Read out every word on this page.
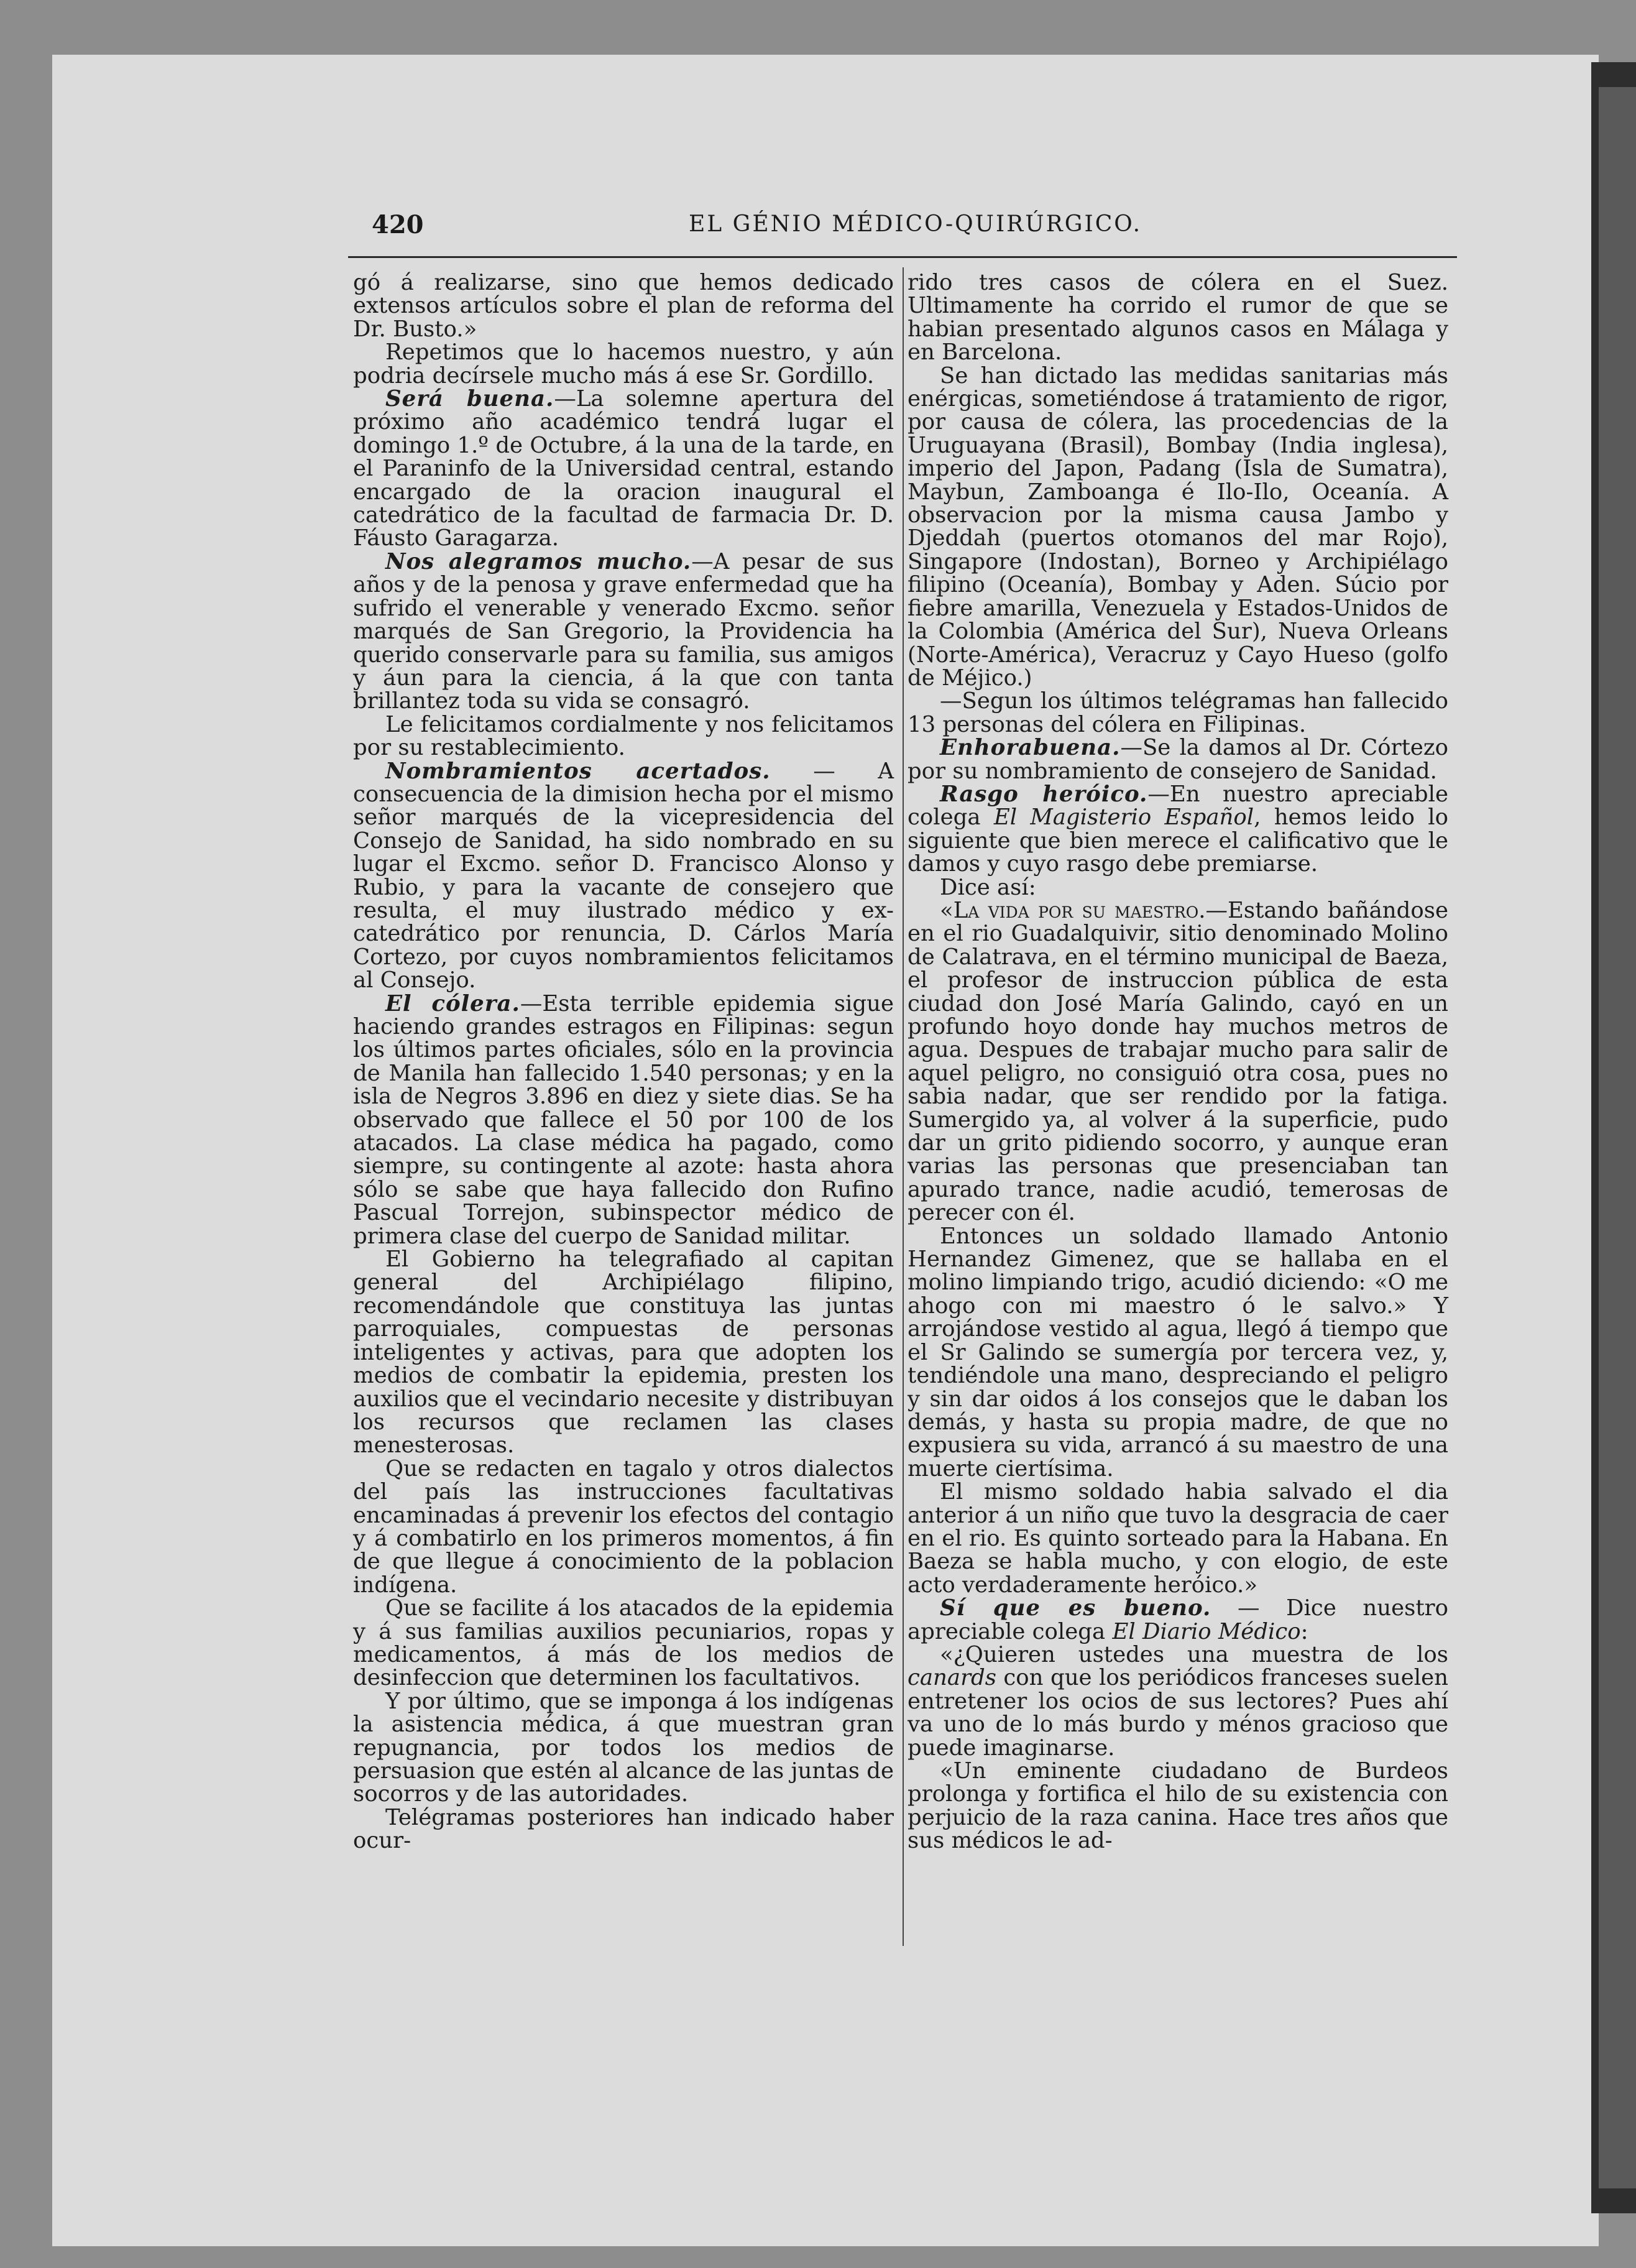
420	EL GÉNIO MÉDICO-QUIRÚRGICO.

gó á realizarse, sino que hemos dedicado extensos artículos sobre el plan de reforma del Dr. Busto.»

Repetimos que lo hacemos nuestro, y aún podria decírsele mucho más á ese Sr. Gordillo.

Será buena.—La solemne apertura del próximo año académico tendrá lugar el domingo 1.º de Octubre, á la una de la tarde, en el Paraninfo de la Universidad central, estando encargado de la oracion inaugural el catedrático de la facultad de farmacia Dr. D. Fáusto Garagarza.

Nos alegramos mucho.—A pesar de sus años y de la penosa y grave enfermedad que ha sufrido el venerable y venerado Excmo. señor marqués de San Gregorio, la Providencia ha querido conservarle para su familia, sus amigos y áun para la ciencia, á la que con tanta brillantez toda su vida se consagró.

Le felicitamos cordialmente y nos felicitamos por su restablecimiento.

Nombramientos acertados. — A consecuencia de la dimision hecha por el mismo señor marqués de la vicepresidencia del Consejo de Sanidad, ha sido nombrado en su lugar el Excmo. señor D. Francisco Alonso y Rubio, y para la vacante de consejero que resulta, el muy ilustrado médico y ex-catedrático por renuncia, D. Cárlos María Cortezo, por cuyos nombramientos felicitamos al Consejo.

El cólera.—Esta terrible epidemia sigue haciendo grandes estragos en Filipinas: segun los últimos partes oficiales, sólo en la provincia de Manila han fallecido 1.540 personas; y en la isla de Negros 3.896 en diez y siete dias. Se ha observado que fallece el 50 por 100 de los atacados. La clase médica ha pagado, como siempre, su contingente al azote: hasta ahora sólo se sabe que haya fallecido don Rufino Pascual Torrejon, subinspector médico de primera clase del cuerpo de Sanidad militar.

El Gobierno ha telegrafiado al capitan general del Archipiélago filipino, recomendándole que constituya las juntas parroquiales, compuestas de personas inteligentes y activas, para que adopten los medios de combatir la epidemia, presten los auxilios que el vecindario necesite y distribuyan los recursos que reclamen las clases menesterosas.

Que se redacten en tagalo y otros dialectos del país las instrucciones facultativas encaminadas á prevenir los efectos del contagio y á combatirlo en los primeros momentos, á fin de que llegue á conocimiento de la poblacion indígena.

Que se facilite á los atacados de la epidemia y á sus familias auxilios pecuniarios, ropas y medicamentos, á más de los medios de desinfeccion que determinen los facultativos.

Y por último, que se imponga á los indígenas la asistencia médica, á que muestran gran repugnancia, por todos los medios de persuasion que estén al alcance de las juntas de socorros y de las autoridades.

Telégramas posteriores han indicado haber ocur-

rido tres casos de cólera en el Suez. Ultimamente ha corrido el rumor de que se habian presentado algunos casos en Málaga y en Barcelona.

Se han dictado las medidas sanitarias más enérgicas, sometiéndose á tratamiento de rigor, por causa de cólera, las procedencias de la Uruguayana (Brasil), Bombay (India inglesa), imperio del Japon, Padang (Isla de Sumatra), Maybun, Zamboanga é Ilo-Ilo, Oceanía. A observacion por la misma causa Jambo y Djeddah (puertos otomanos del mar Rojo), Singapore (Indostan), Borneo y Archipiélago filipino (Oceanía), Bombay y Aden. Súcio por fiebre amarilla, Venezuela y Estados-Unidos de la Colombia (América del Sur), Nueva Orleans (Norte-América), Veracruz y Cayo Hueso (golfo de Méjico.)

—Segun los últimos telégramas han fallecido 13 personas del cólera en Filipinas.

Enhorabuena.—Se la damos al Dr. Córtezo por su nombramiento de consejero de Sanidad.

Rasgo heróico.—En nuestro apreciable colega El Magisterio Español, hemos leido lo siguiente que bien merece el calificativo que le damos y cuyo rasgo debe premiarse.

Dice así:

«La vida por su maestro.—Estando bañándose en el rio Guadalquivir, sitio denominado Molino de Calatrava, en el término municipal de Baeza, el profesor de instruccion pública de esta ciudad don José María Galindo, cayó en un profundo hoyo donde hay muchos metros de agua. Despues de trabajar mucho para salir de aquel peligro, no consiguió otra cosa, pues no sabia nadar, que ser rendido por la fatiga. Sumergido ya, al volver á la superficie, pudo dar un grito pidiendo socorro, y aunque eran varias las personas que presenciaban tan apurado trance, nadie acudió, temerosas de perecer con él.

Entonces un soldado llamado Antonio Hernandez Gimenez, que se hallaba en el molino limpiando trigo, acudió diciendo: «O me ahogo con mi maestro ó le salvo.» Y arrojándose vestido al agua, llegó á tiempo que el Sr Galindo se sumergía por tercera vez, y, tendiéndole una mano, despreciando el peligro y sin dar oidos á los consejos que le daban los demás, y hasta su propia madre, de que no expusiera su vida, arrancó á su maestro de una muerte ciertísima.

El mismo soldado habia salvado el dia anterior á un niño que tuvo la desgracia de caer en el rio. Es quinto sorteado para la Habana. En Baeza se habla mucho, y con elogio, de este acto verdaderamente heróico.»

Sí que es bueno. — Dice nuestro apreciable colega El Diario Médico:

«¿Quieren ustedes una muestra de los canards con que los periódicos franceses suelen entretener los ocios de sus lectores? Pues ahí va uno de lo más burdo y ménos gracioso que puede imaginarse.

«Un eminente ciudadano de Burdeos prolonga y fortifica el hilo de su existencia con perjuicio de la raza canina. Hace tres años que sus médicos le ad-
